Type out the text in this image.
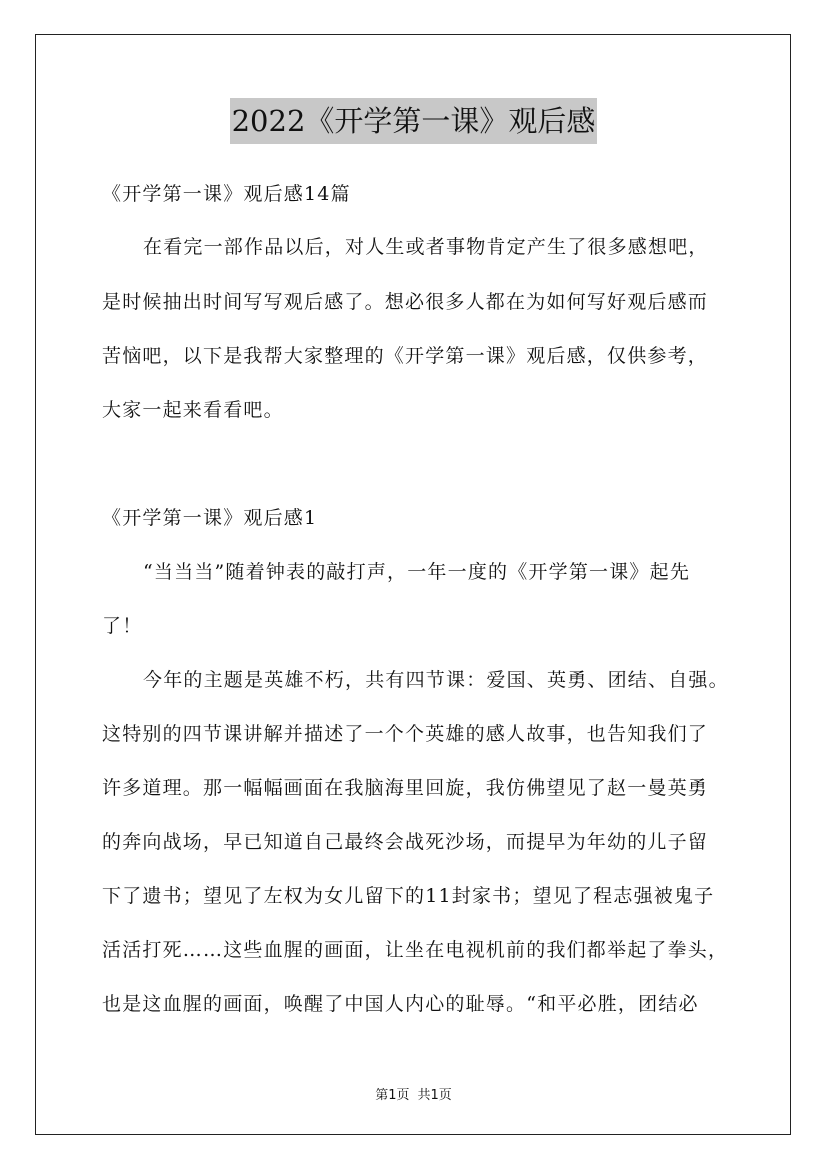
2022《开学第一课》观后感
《开学第一课》观后感14篇
在看完一部作品以后，对人生或者事物肯定产生了很多感想吧，
是时候抽出时间写写观后感了。想必很多人都在为如何写好观后感而
苦恼吧，以下是我帮大家整理的《开学第一课》观后感，仅供参考，
大家一起来看看吧。
《开学第一课》观后感1
“当当当”随着钟表的敲打声，一年一度的《开学第一课》起先
了！
今年的主题是英雄不朽，共有四节课：爱国、英勇、团结、自强。
这特别的四节课讲解并描述了一个个英雄的感人故事，也告知我们了
许多道理。那一幅幅画面在我脑海里回旋，我仿佛望见了赵一曼英勇
的奔向战场，早已知道自己最终会战死沙场，而提早为年幼的儿子留
下了遗书；望见了左权为女儿留下的11封家书；望见了程志强被鬼子
活活打死……这些血腥的画面，让坐在电视机前的我们都举起了拳头，
也是这血腥的画面，唤醒了中国人内心的耻辱。“和平必胜，团结必
第1页 共1页
